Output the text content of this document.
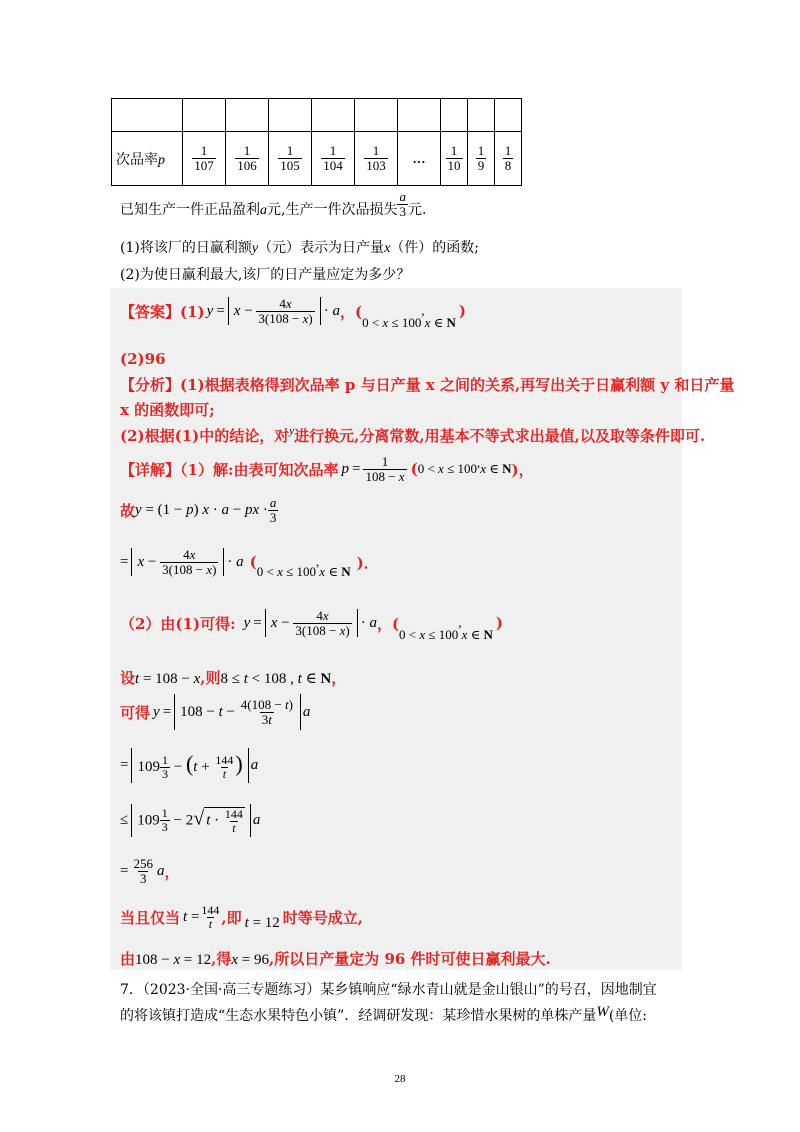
次品率p	$\frac{1}{107}$	$\frac{1}{106}$	$\frac{1}{105}$	$\frac{1}{104}$	$\frac{1}{103}$	…	$\frac{1}{10}$	$\frac{1}{9}$	$\frac{1}{8}$
已知生产一件正品盈利a元,生产一件次品损失 $\frac{a}{3}$ 元.
(1)将该厂的日赢利额y（元）表示为日产量x（件）的函数;
(2)为使日赢利最大,该厂的日产量应定为多少？
【答案】(1) $y = x - \frac{4x}{3(108 - x)} \cdot a$ ，(
0 < x ≤ 100
,
x ∈ N
)
(2)96
【分析】(1)根据表格得到次品率 p 与日产量 x 之间的关系,再写出关于日赢利额 y 和日产量
x 的函数即可;
(2)根据(1)中的结论，对$^y$进行换元,分离常数,用基本不等式求出最值,以及取等条件即可.
【详解】（1）解:由表可知次品率 $p = \frac{1}{108 - x}$ ( 0 < x ≤ 100 , x ∈ N )，
故 y = (1 − p) x · a − px · $\frac{a}{3}$
= $x - \frac{4x}{3(108 - x)} \cdot a$ (
0 < x ≤ 100
,
x ∈ N )．
（2）由(1)可得: $y = x - \frac{4x}{3(108 - x)} \cdot a$ ，(
0 < x ≤ 100
,
x ∈ N
)
设t = 108 − x,则8 ≤ t < 108 , t ∈ N，
可得 $y = 108 - t - \frac{4(108 - t)}{3t}$ a
= $109 \frac{1}{3} - (t + \frac{144}{t}$ ) a
≤ $109 \frac{1}{3} - 2√$ $t \cdot \frac{144}{t}$ a
= $\frac{256}{3}$ a ，
当且仅当 $t = \frac{144}{t}$ ,即 t = 12 时等号成立,
由108 − x = 12,得x = 96,所以日产量定为 96 件时可使日赢利最大.
7．（2023·全国·高三专题练习）某乡镇响应“绿水青山就是金山银山”的号召，因地制宜
的将该镇打造成“生态水果特色小镇”．经调研发现：某珍惜水果树的单株产量W(单位:
28
